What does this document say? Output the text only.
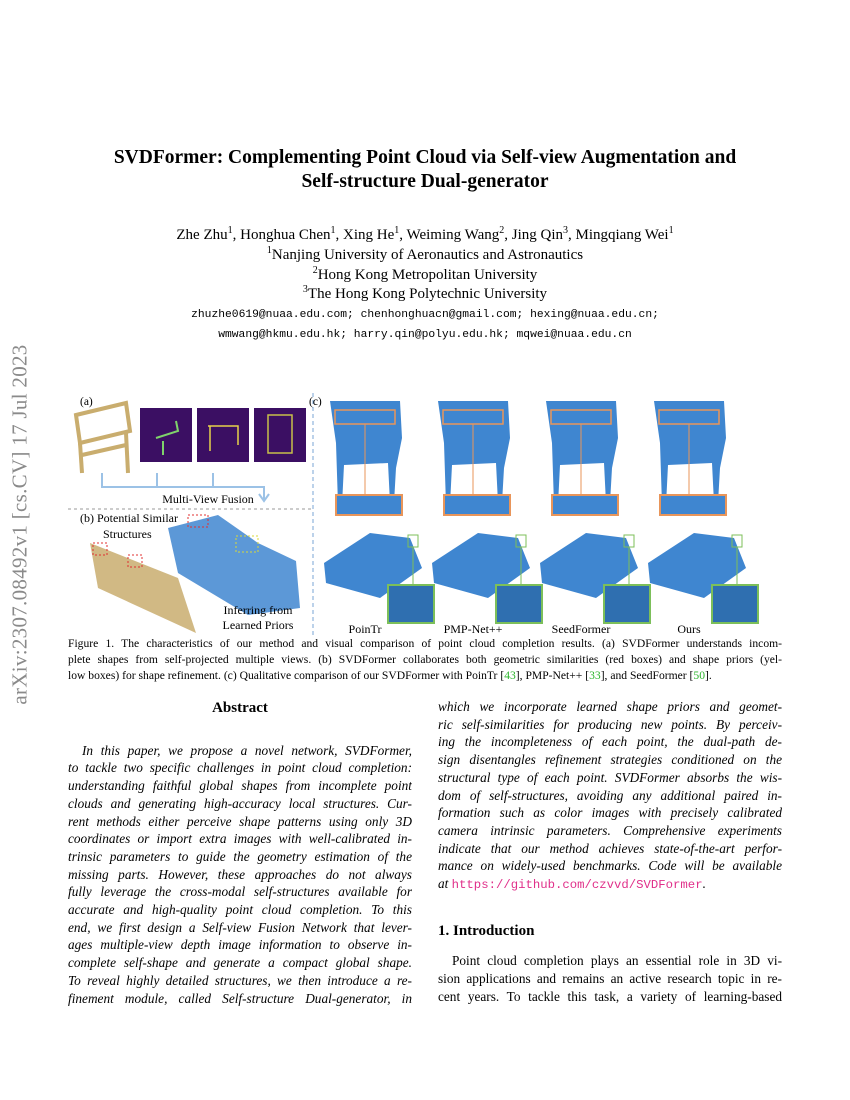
arXiv:2307.08492v1 [cs.CV] 17 Jul 2023
SVDFormer: Complementing Point Cloud via Self-view Augmentation and
Self-structure Dual-generator
Zhe Zhu$^1$, Honghua Chen$^1$, Xing He$^1$, Weiming Wang$^2$, Jing Qin$^3$, Mingqiang Wei$^1$
$^1$Nanjing University of Aeronautics and Astronautics
$^2$Hong Kong Metropolitan University
$^3$The Hong Kong Polytechnic University
zhuzhe0619@nuaa.edu.com; chenhonghuacn@gmail.com; hexing@nuaa.edu.cn;
wmwang@hkmu.edu.hk; harry.qin@polyu.edu.hk; mqwei@nuaa.edu.cn
(a)
Multi-View Fusion
(b) Potential Similar
Structures
Inferring from
Learned Priors
(c)
PoinTr	PMP-Net++	SeedFormer	Ours
Figure 1. The characteristics of our method and visual comparison of point cloud completion results. (a) SVDFormer understands incom-
plete shapes from self-projected multiple views. (b) SVDFormer collaborates both geometric similarities (red boxes) and shape priors (yel-
low boxes) for shape refinement. (c) Qualitative comparison of our SVDFormer with PoinTr [43], PMP-Net++ [33], and SeedFormer [50].
Abstract
In this paper, we propose a novel network, SVDFormer,
to tackle two specific challenges in point cloud completion:
understanding faithful global shapes from incomplete point
clouds and generating high-accuracy local structures. Cur-
rent methods either perceive shape patterns using only 3D
coordinates or import extra images with well-calibrated in-
trinsic parameters to guide the geometry estimation of the
missing parts. However, these approaches do not always
fully leverage the cross-modal self-structures available for
accurate and high-quality point cloud completion. To this
end, we first design a Self-view Fusion Network that lever-
ages multiple-view depth image information to observe in-
complete self-shape and generate a compact global shape.
To reveal highly detailed structures, we then introduce a re-
finement module, called Self-structure Dual-generator, in
which we incorporate learned shape priors and geomet-
ric self-similarities for producing new points. By perceiv-
ing the incompleteness of each point, the dual-path de-
sign disentangles refinement strategies conditioned on the
structural type of each point. SVDFormer absorbs the wis-
dom of self-structures, avoiding any additional paired in-
formation such as color images with precisely calibrated
camera intrinsic parameters. Comprehensive experiments
indicate that our method achieves state-of-the-art perfor-
mance on widely-used benchmarks. Code will be available
at https://github.com/czvvd/SVDFormer.
1. Introduction
Point cloud completion plays an essential role in 3D vi-
sion applications and remains an active research topic in re-
cent years. To tackle this task, a variety of learning-based
